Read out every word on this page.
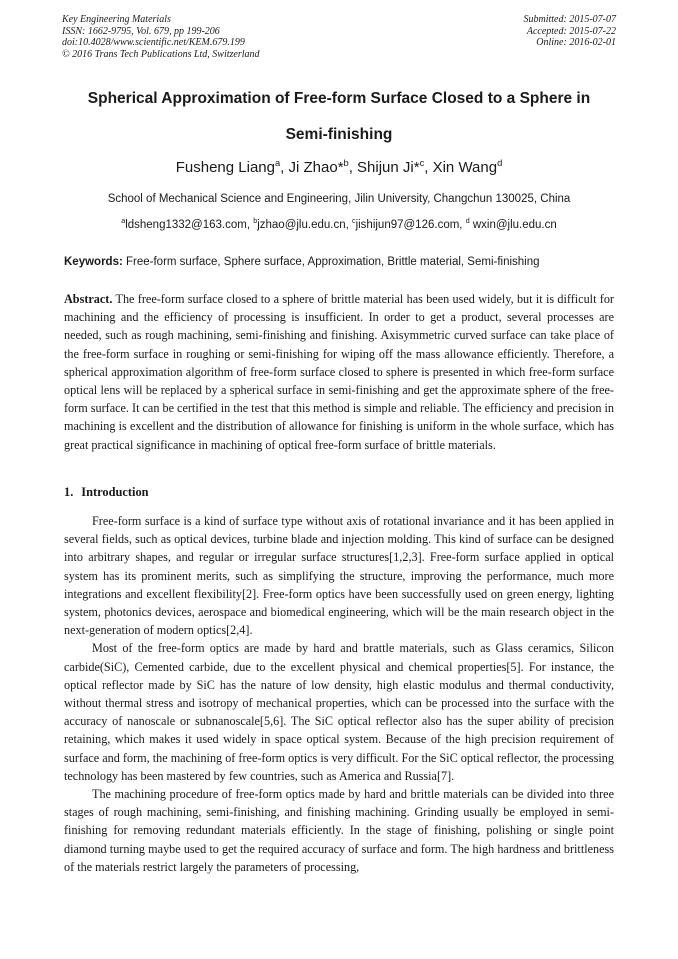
Key Engineering Materials
ISSN: 1662-9795, Vol. 679, pp 199-206
doi:10.4028/www.scientific.net/KEM.679.199
© 2016 Trans Tech Publications Ltd, Switzerland
Submitted: 2015-07-07
Accepted: 2015-07-22
Online: 2016-02-01
Spherical Approximation of Free-form Surface Closed to a Sphere in
Semi-finishing
Fusheng Liang$^a$, Ji Zhao*$^b$, Shijun Ji*$^c$, Xin Wang$^d$
School of Mechanical Science and Engineering, Jilin University, Changchun 130025, China
$^a$ldsheng1332@163.com, $^b$jzhao@jlu.edu.cn, $^c$jishijun97@126.com, $^d$ wxin@jlu.edu.cn
Keywords: Free-form surface, Sphere surface, Approximation, Brittle material, Semi-finishing
Abstract. The free-form surface closed to a sphere of brittle material has been used widely, but it is difficult for machining and the efficiency of processing is insufficient. In order to get a product, several processes are needed, such as rough machining, semi-finishing and finishing. Axisymmetric curved surface can take place of the free-form surface in roughing or semi-finishing for wiping off the mass allowance efficiently. Therefore, a spherical approximation algorithm of free-form surface closed to sphere is presented in which free-form surface optical lens will be replaced by a spherical surface in semi-finishing and get the approximate sphere of the free-form surface. It can be certified in the test that this method is simple and reliable. The efficiency and precision in machining is excellent and the distribution of allowance for finishing is uniform in the whole surface, which has great practical significance in machining of optical free-form surface of brittle materials.
1. Introduction

Free-form surface is a kind of surface type without axis of rotational invariance and it has been applied in several fields, such as optical devices, turbine blade and injection molding. This kind of surface can be designed into arbitrary shapes, and regular or irregular surface structures[1,2,3]. Free-form surface applied in optical system has its prominent merits, such as simplifying the structure, improving the performance, much more integrations and excellent flexibility[2]. Free-form optics have been successfully used on green energy, lighting system, photonics devices, aerospace and biomedical engineering, which will be the main research object in the next-generation of modern optics[2,4].

Most of the free-form optics are made by hard and brattle materials, such as Glass ceramics, Silicon carbide(SiC), Cemented carbide, due to the excellent physical and chemical properties[5]. For instance, the optical reflector made by SiC has the nature of low density, high elastic modulus and thermal conductivity, without thermal stress and isotropy of mechanical properties, which can be processed into the surface with the accuracy of nanoscale or subnanoscale[5,6]. The SiC optical reflector also has the super ability of precision retaining, which makes it used widely in space optical system. Because of the high precision requirement of surface and form, the machining of free-form optics is very difficult. For the SiC optical reflector, the processing technology has been mastered by few countries, such as America and Russia[7].

The machining procedure of free-form optics made by hard and brittle materials can be divided into three stages of rough machining, semi-finishing, and finishing machining. Grinding usually be employed in semi-finishing for removing redundant materials efficiently. In the stage of finishing, polishing or single point diamond turning maybe used to get the required accuracy of surface and form. The high hardness and brittleness of the materials restrict largely the parameters of processing,
